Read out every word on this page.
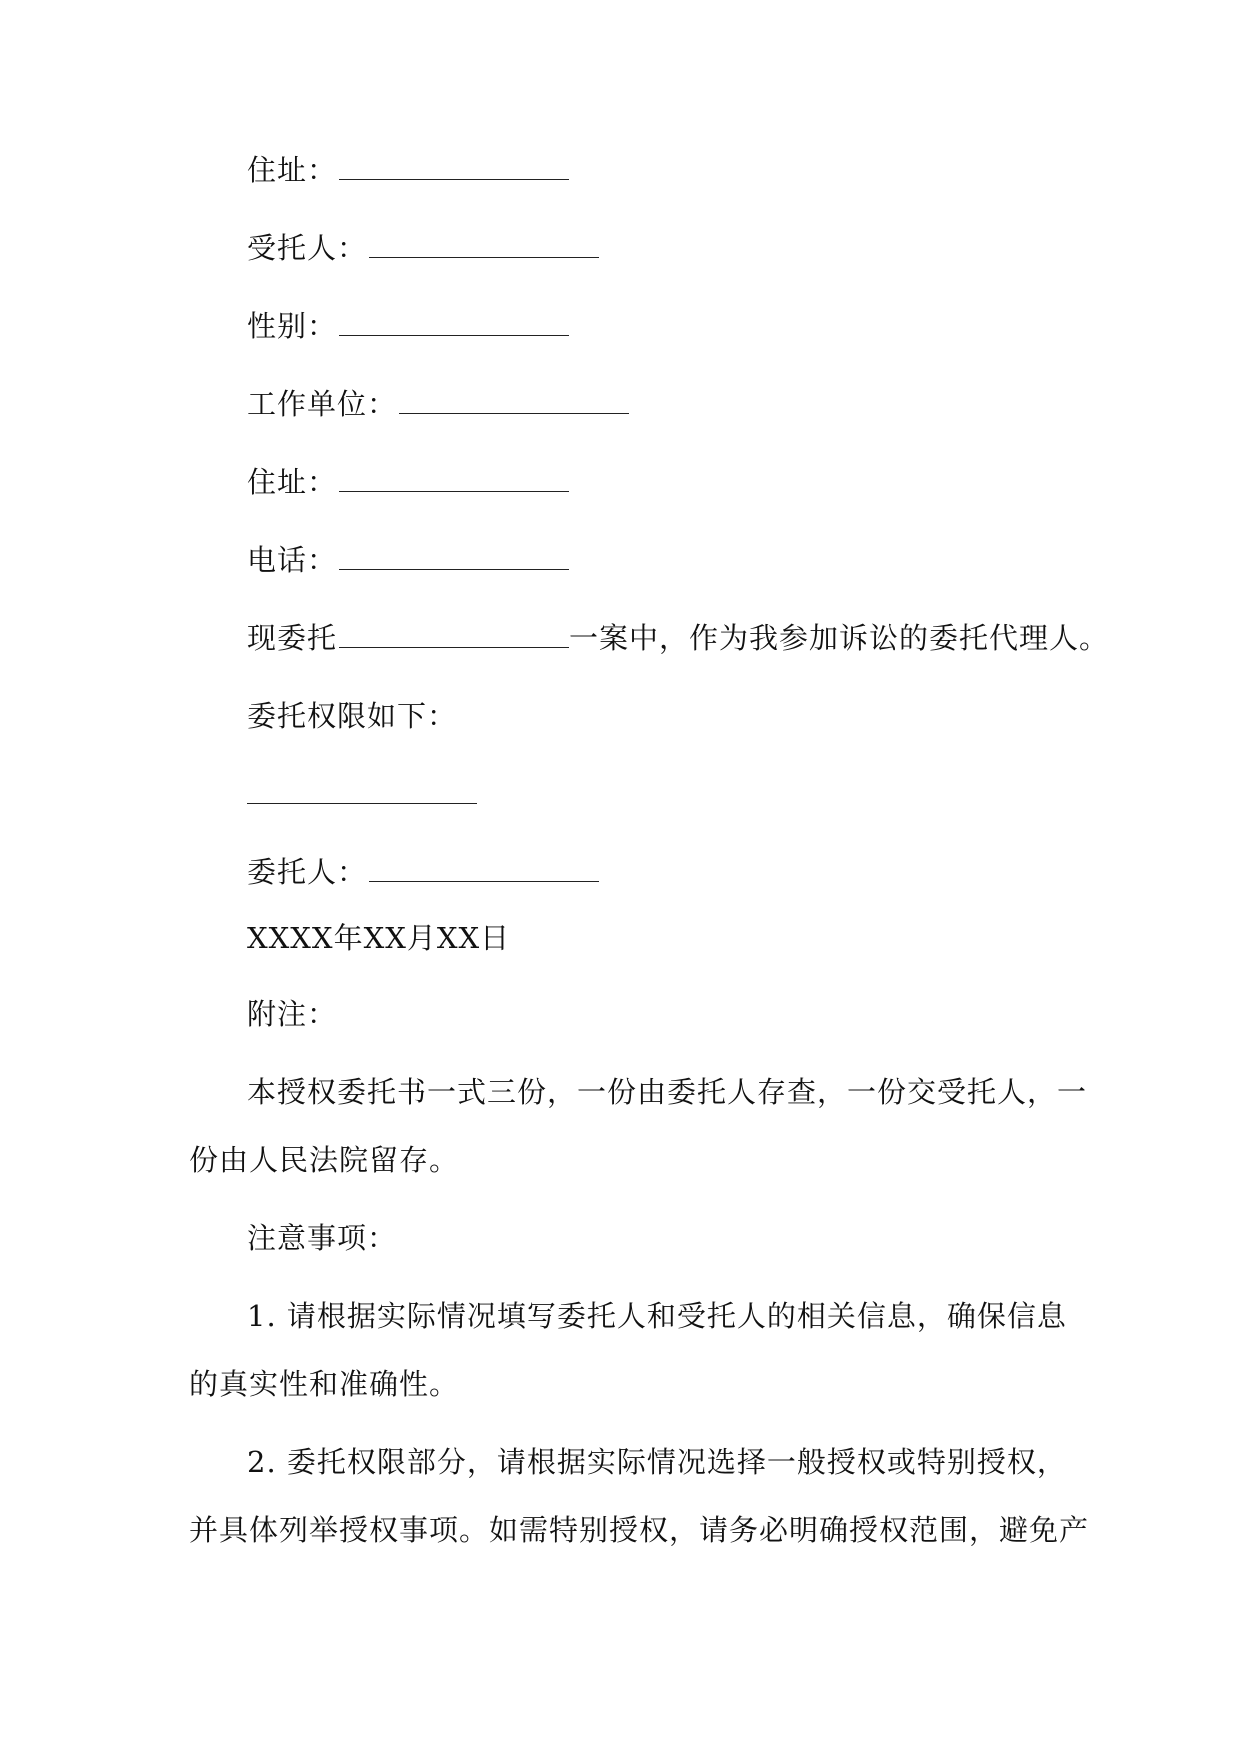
住址：
受托人：
性别：
工作单位：
住址：
电话：
现委托	一案中，作为我参加诉讼的委托代理人。
委托权限如下：
委托人：
XXXX年XX月XX日
附注：
本授权委托书一式三份，一份由委托人存查，一份交受托人，一
份由人民法院留存。
注意事项：
1. 请根据实际情况填写委托人和受托人的相关信息，确保信息
的真实性和准确性。
2. 委托权限部分，请根据实际情况选择一般授权或特别授权，
并具体列举授权事项。如需特别授权，请务必明确授权范围，避免产
